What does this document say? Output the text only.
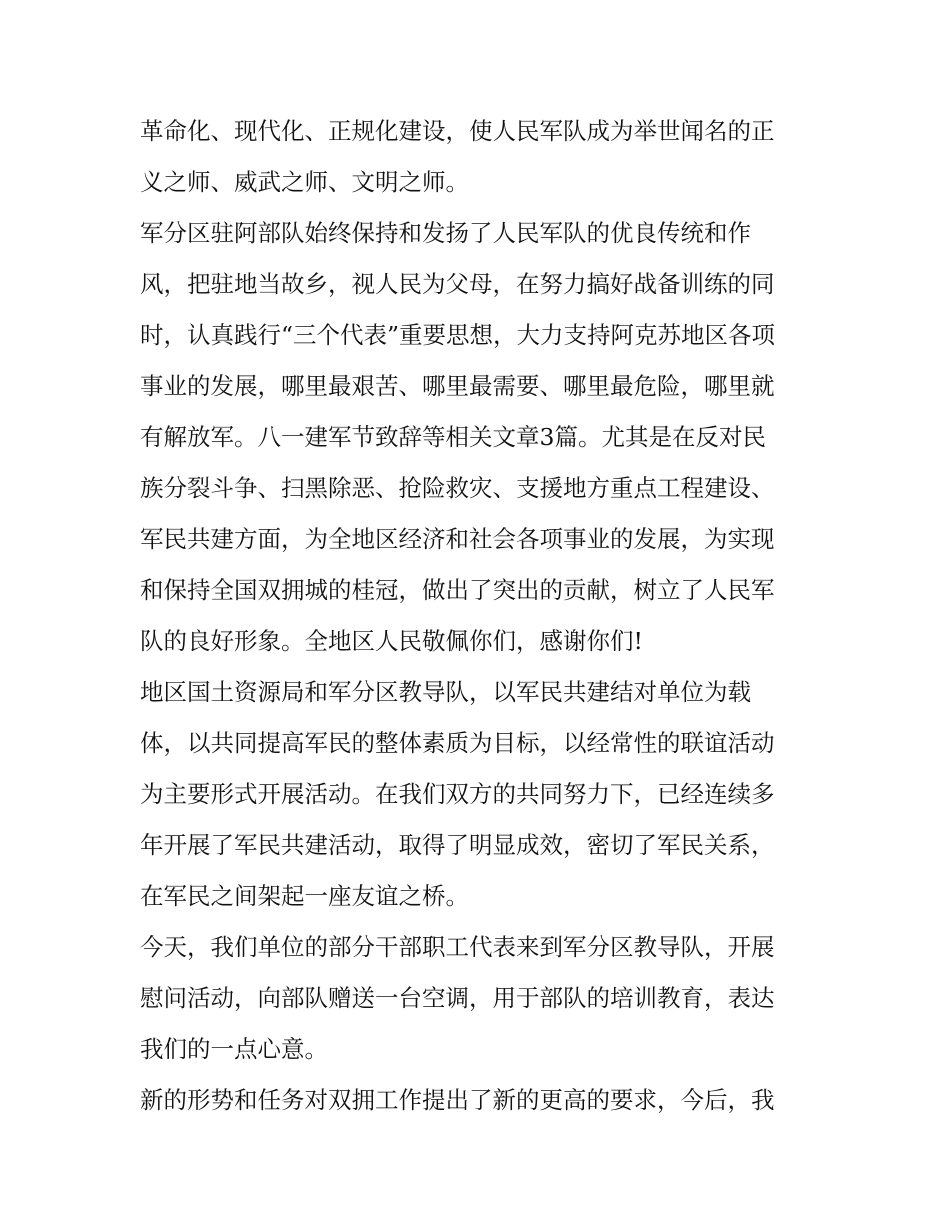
革命化、现代化、正规化建设，使人民军队成为举世闻名的正
义之师、威武之师、文明之师。
军分区驻阿部队始终保持和发扬了人民军队的优良传统和作
风，把驻地当故乡，视人民为父母，在努力搞好战备训练的同
时，认真践行“三个代表”重要思想，大力支持阿克苏地区各项
事业的发展，哪里最艰苦、哪里最需要、哪里最危险，哪里就
有解放军。八一建军节致辞等相关文章3篇。尤其是在反对民
族分裂斗争、扫黑除恶、抢险救灾、支援地方重点工程建设、
军民共建方面，为全地区经济和社会各项事业的发展，为实现
和保持全国双拥城的桂冠，做出了突出的贡献，树立了人民军
队的良好形象。全地区人民敬佩你们，感谢你们!
地区国土资源局和军分区教导队，以军民共建结对单位为载
体，以共同提高军民的整体素质为目标，以经常性的联谊活动
为主要形式开展活动。在我们双方的共同努力下，已经连续多
年开展了军民共建活动，取得了明显成效，密切了军民关系，
在军民之间架起一座友谊之桥。
今天，我们单位的部分干部职工代表来到军分区教导队，开展
慰问活动，向部队赠送一台空调，用于部队的培训教育，表达
我们的一点心意。
新的形势和任务对双拥工作提出了新的更高的要求，今后，我
